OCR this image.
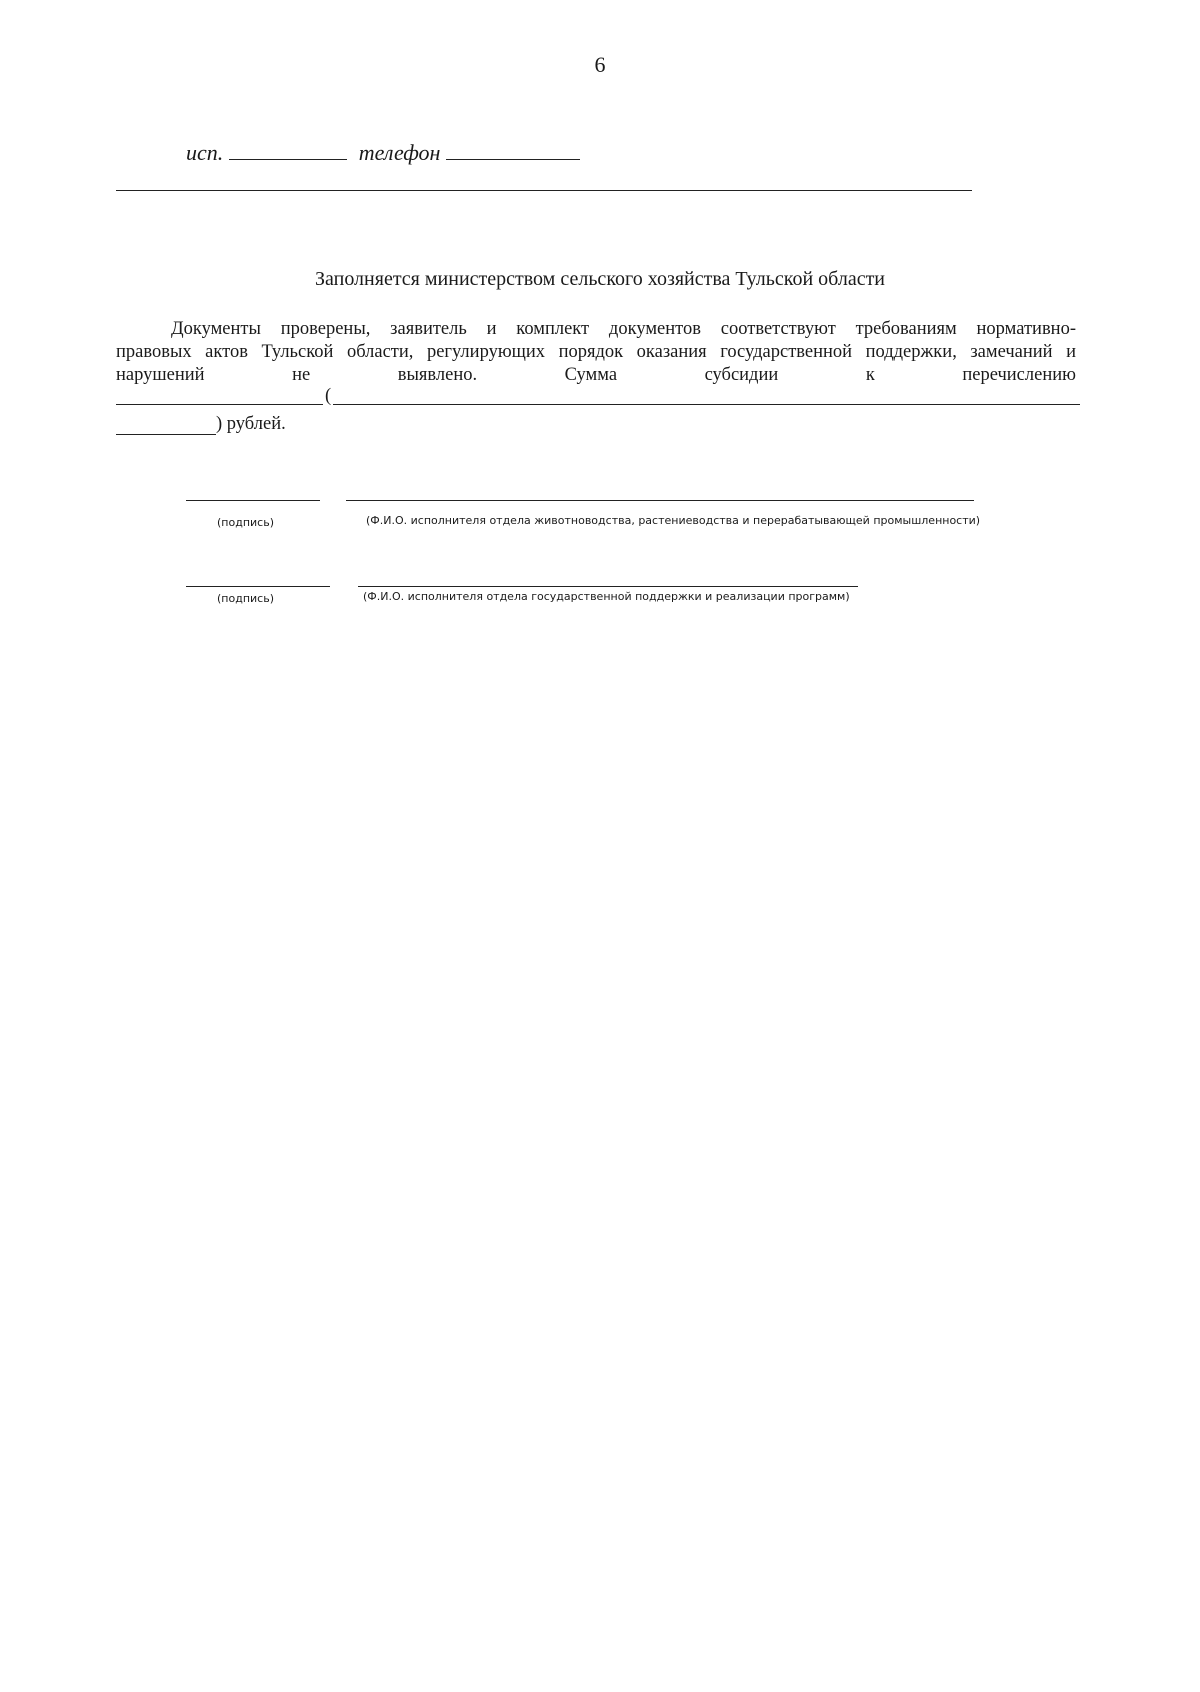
6
исп.	телефон
Заполняется министерством сельского хозяйства Тульской области
Документы проверены, заявитель и комплект документов соответствуют требованиям нормативно-
правовых актов Тульской области, регулирующих порядок оказания государственной поддержки, замечаний и
нарушений	не	выявлено.	Сумма	субсидии	к	перечислению
(
) рублей.
(подпись)	(Ф.И.О. исполнителя отдела животноводства, растениеводства и перерабатывающей промышленности)
(подпись)	(Ф.И.О. исполнителя отдела государственной поддержки и реализации программ)
